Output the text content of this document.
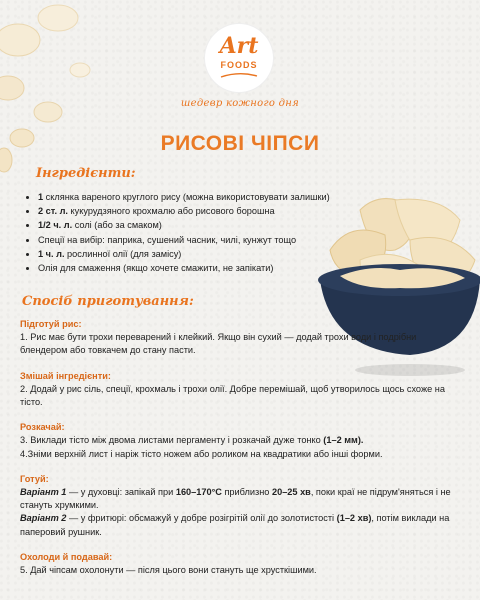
Art
FOODS
шедевр кожного дня
РИСОВІ ЧІПСИ
Інгредієнти:
• 1 склянка вареного круглого рису (можна використовувати залишки)
• 2 ст. л. кукурудзяного крохмалю або рисового борошна
• 1/2 ч. л. солі (або за смаком)
• Спеції на вибір: паприка, сушений часник, чилі, кунжут тощо
• 1 ч. л. рослинної олії (для замісу)
• Олія для смаження (якщо хочете смажити, не запікати)
Спосіб приготування:
Підготуй рис:
1. Рис має бути трохи переварений і клейкий. Якщо він сухий — додай трохи води і подрібни блендером або товкачем до стану пасти.
Змішай інгредієнти:
2. Додай у рис сіль, спеції, крохмаль і трохи олії. Добре перемішай, щоб утворилось щось схоже на тісто.
Розкачай:
3. Виклади тісто між двома листами пергаменту і розкачай дуже тонко (1–2 мм).
4.Зніми верхній лист і наріж тісто ножем або роликом на квадратики або інші форми.
Готуй:
Варіант 1 — у духовці: запікай при 160–170°C приблизно 20–25 хв, поки краї не підрум'яняться і не стануть хрумкими.
Варіант 2 — у фритюрі: обсмажуй у добре розігрітій олії до золотистості (1–2 хв), потім виклади на паперовий рушник.
Охолоди й подавай:
5. Дай чіпсам охолонути — після цього вони стануть ще хрусткішими.
